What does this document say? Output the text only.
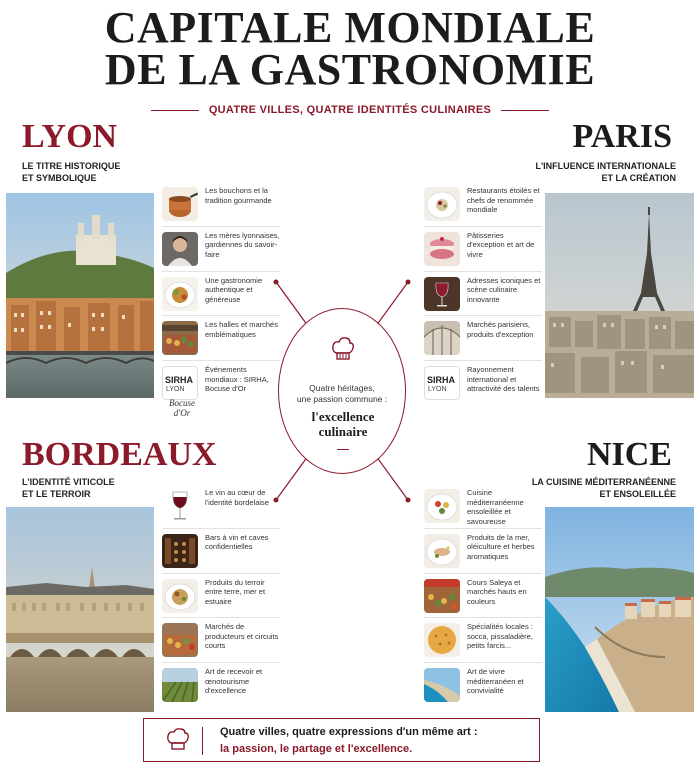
CAPITALE MONDIALE
DE LA GASTRONOMIE
QUATRE VILLES, QUATRE IDENTITÉS CULINAIRES
LYON
LE TITRE HISTORIQUE
ET SYMBOLIQUE
Les bouchons et la tradition gourmande
Les mères lyonnaises, gardiennes du savoir-faire
Une gastronomie authentique et généreuse
Les halles et marchés emblématiques
SIRHA
LYON
Événements mondiaux : SIRHA, Bocuse d'Or
Bocuse
d'Or
PARIS
L'INFLUENCE INTERNATIONALE
ET LA CRÉATION
Restaurants étoilés et chefs de renommée mondiale
Pâtisseries d'exception et art de vivre
Adresses iconiques et scène culinaire innovante
Marchés parisiens, produits d'exception
SIRHA
LYON
Rayonnement international et attractivité des talents
BORDEAUX
L'IDENTITÉ VITICOLE
ET LE TERROIR	Le vin au cœur de l'identité bordelaise
Bars à vin et caves confidentielles
Produits du terroir entre terre, mer et estuaire
Marchés de producteurs et circuits courts
Art de recevoir et œnotourisme d'excellence
NICE
LA CUISINE MÉDITERRANÉENNE
ET ENSOLEILLÉE
Cuisine méditerranéenne ensoleillée et savoureuse
Produits de la mer, oléiculture et herbes aromatiques
Cours Saleya et marchés hauts en couleurs
Spécialités locales : socca, pissaladière, petits farcis...
Art de vivre méditerranéen et convivialité
Quatre héritages,
une passion commune :
l'excellence culinaire
Quatre villes, quatre expressions d'un même art :
la passion, le partage et l'excellence.
